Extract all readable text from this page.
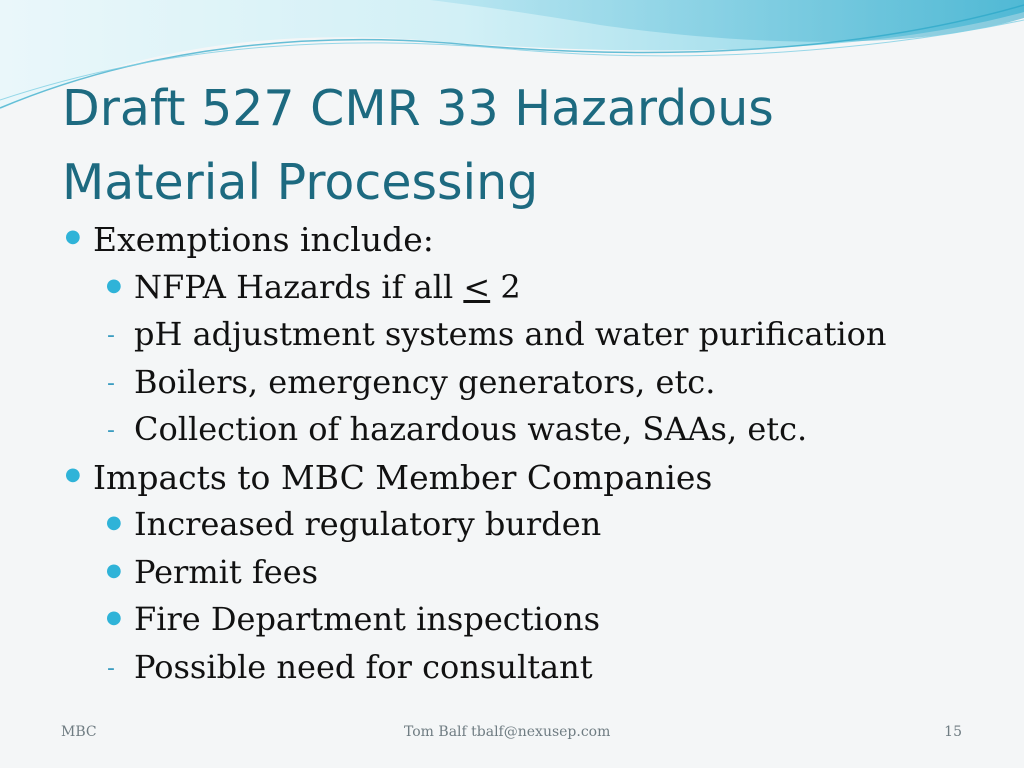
Draft 527 CMR 33 Hazardous
Material Processing
● Exemptions include:
● NFPA Hazards if all ≤ 2
- pH adjustment systems and water purification
- Boilers, emergency generators, etc.
- Collection of hazardous waste, SAAs, etc.
● Impacts to MBC Member Companies
● Increased regulatory burden
● Permit fees
● Fire Department inspections
- Possible need for consultant
MBC	Tom Balf tbalf@nexusep.com	15
